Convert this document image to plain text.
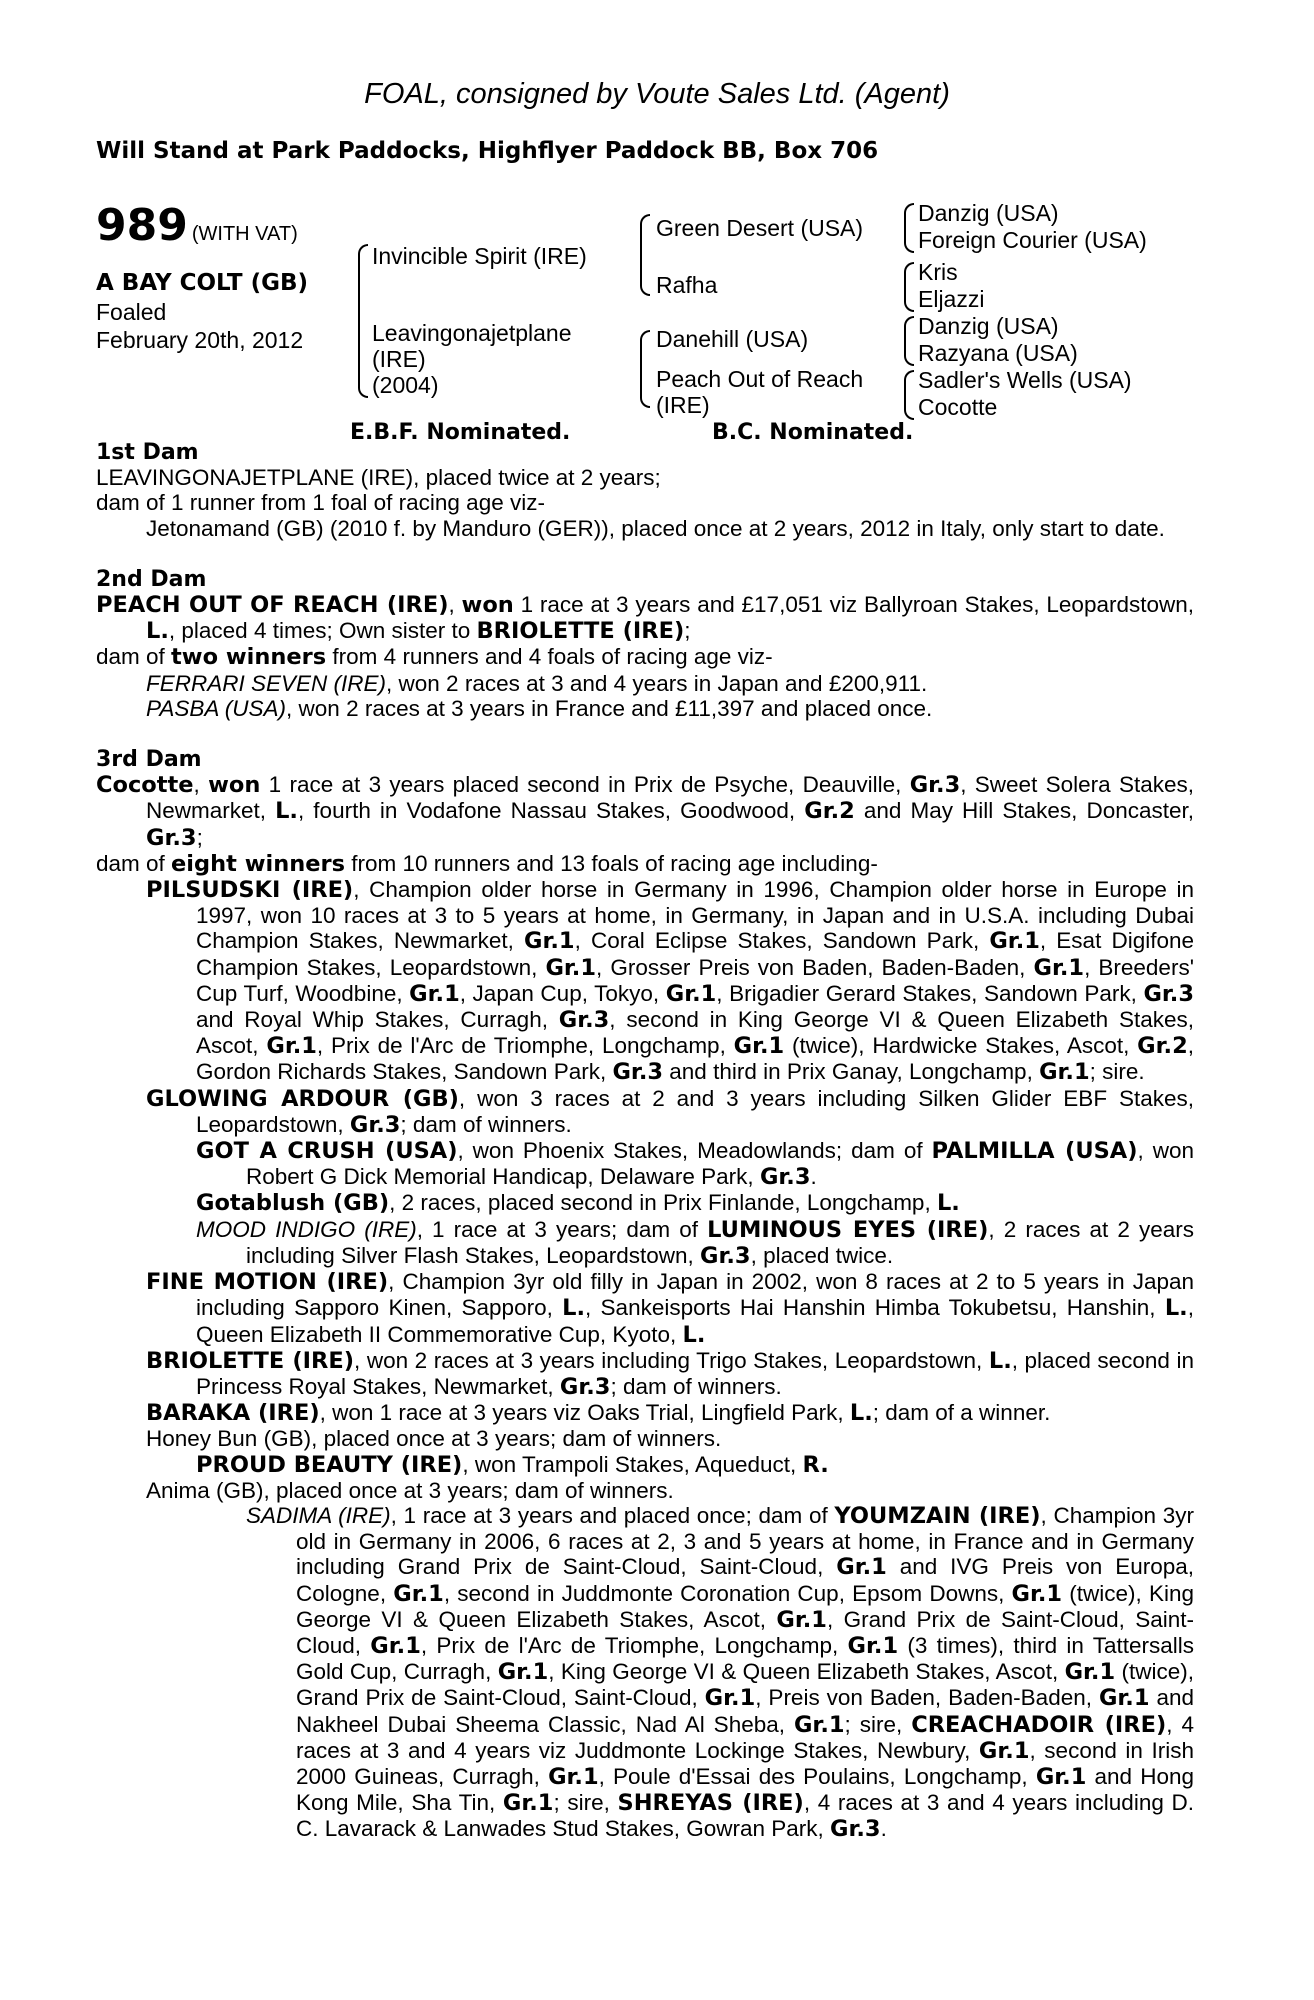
FOAL, consigned by Voute Sales Ltd. (Agent)
Will Stand at Park Paddocks, Highflyer Paddock BB, Box 706
989 (WITH VAT)
A BAY COLT (GB)
Foaled
February 20th, 2012
Invincible Spirit (IRE)
Leavingonajetplane
(IRE)
(2004)
Green Desert (USA)
Rafha
Danehill (USA)
Peach Out of Reach
(IRE)
Danzig (USA)
Foreign Courier (USA)
Kris
Eljazzi
Danzig (USA)
Razyana (USA)
Sadler's Wells (USA)
Cocotte
E.B.F. Nominated.	B.C. Nominated.

1st Dam

LEAVINGONAJETPLANE (IRE), placed twice at 2 years;

dam of 1 runner from 1 foal of racing age viz-

Jetonamand (GB) (2010 f. by Manduro (GER)), placed once at 2 years, 2012 in Italy, only start to date.

2nd Dam

PEACH OUT OF REACH (IRE), won 1 race at 3 years and £17,051 viz Ballyroan Stakes, Leopardstown, L., placed 4 times; Own sister to BRIOLETTE (IRE);

dam of two winners from 4 runners and 4 foals of racing age viz-

FERRARI SEVEN (IRE), won 2 races at 3 and 4 years in Japan and £200,911.

PASBA (USA), won 2 races at 3 years in France and £11,397 and placed once.

3rd Dam

Cocotte, won 1 race at 3 years placed second in Prix de Psyche, Deauville, Gr.3, Sweet Solera Stakes, Newmarket, L., fourth in Vodafone Nassau Stakes, Goodwood, Gr.2 and May Hill Stakes, Doncaster, Gr.3;

dam of eight winners from 10 runners and 13 foals of racing age including-

PILSUDSKI (IRE), Champion older horse in Germany in 1996, Champion older horse in Europe in 1997, won 10 races at 3 to 5 years at home, in Germany, in Japan and in U.S.A. including Dubai Champion Stakes, Newmarket, Gr.1, Coral Eclipse Stakes, Sandown Park, Gr.1, Esat Digifone Champion Stakes, Leopardstown, Gr.1, Grosser Preis von Baden, Baden-Baden, Gr.1, Breeders' Cup Turf, Woodbine, Gr.1, Japan Cup, Tokyo, Gr.1, Brigadier Gerard Stakes, Sandown Park, Gr.3 and Royal Whip Stakes, Curragh, Gr.3, second in King George VI & Queen Elizabeth Stakes, Ascot, Gr.1, Prix de l'Arc de Triomphe, Longchamp, Gr.1 (twice), Hardwicke Stakes, Ascot, Gr.2, Gordon Richards Stakes, Sandown Park, Gr.3 and third in Prix Ganay, Longchamp, Gr.1; sire.

GLOWING ARDOUR (GB), won 3 races at 2 and 3 years including Silken Glider EBF Stakes, Leopardstown, Gr.3; dam of winners.

GOT A CRUSH (USA), won Phoenix Stakes, Meadowlands; dam of PALMILLA (USA), won Robert G Dick Memorial Handicap, Delaware Park, Gr.3.

Gotablush (GB), 2 races, placed second in Prix Finlande, Longchamp, L.

MOOD INDIGO (IRE), 1 race at 3 years; dam of LUMINOUS EYES (IRE), 2 races at 2 years including Silver Flash Stakes, Leopardstown, Gr.3, placed twice.

FINE MOTION (IRE), Champion 3yr old filly in Japan in 2002, won 8 races at 2 to 5 years in Japan including Sapporo Kinen, Sapporo, L., Sankeisports Hai Hanshin Himba Tokubetsu, Hanshin, L., Queen Elizabeth II Commemorative Cup, Kyoto, L.

BRIOLETTE (IRE), won 2 races at 3 years including Trigo Stakes, Leopardstown, L., placed second in Princess Royal Stakes, Newmarket, Gr.3; dam of winners.

BARAKA (IRE), won 1 race at 3 years viz Oaks Trial, Lingfield Park, L.; dam of a winner.

Honey Bun (GB), placed once at 3 years; dam of winners.

PROUD BEAUTY (IRE), won Trampoli Stakes, Aqueduct, R.

Anima (GB), placed once at 3 years; dam of winners.

SADIMA (IRE), 1 race at 3 years and placed once; dam of YOUMZAIN (IRE), Champion 3yr old in Germany in 2006, 6 races at 2, 3 and 5 years at home, in France and in Germany including Grand Prix de Saint-Cloud, Saint-Cloud, Gr.1 and IVG Preis von Europa, Cologne, Gr.1, second in Juddmonte Coronation Cup, Epsom Downs, Gr.1 (twice), King George VI & Queen Elizabeth Stakes, Ascot, Gr.1, Grand Prix de Saint-Cloud, Saint-Cloud, Gr.1, Prix de l'Arc de Triomphe, Longchamp, Gr.1 (3 times), third in Tattersalls Gold Cup, Curragh, Gr.1, King George VI & Queen Elizabeth Stakes, Ascot, Gr.1 (twice), Grand Prix de Saint-Cloud, Saint-Cloud, Gr.1, Preis von Baden, Baden-Baden, Gr.1 and Nakheel Dubai Sheema Classic, Nad Al Sheba, Gr.1; sire, CREACHADOIR (IRE), 4 races at 3 and 4 years viz Juddmonte Lockinge Stakes, Newbury, Gr.1, second in Irish 2000 Guineas, Curragh, Gr.1, Poule d'Essai des Poulains, Longchamp, Gr.1 and Hong Kong Mile, Sha Tin, Gr.1; sire, SHREYAS (IRE), 4 races at 3 and 4 years including D. C. Lavarack & Lanwades Stud Stakes, Gowran Park, Gr.3.
